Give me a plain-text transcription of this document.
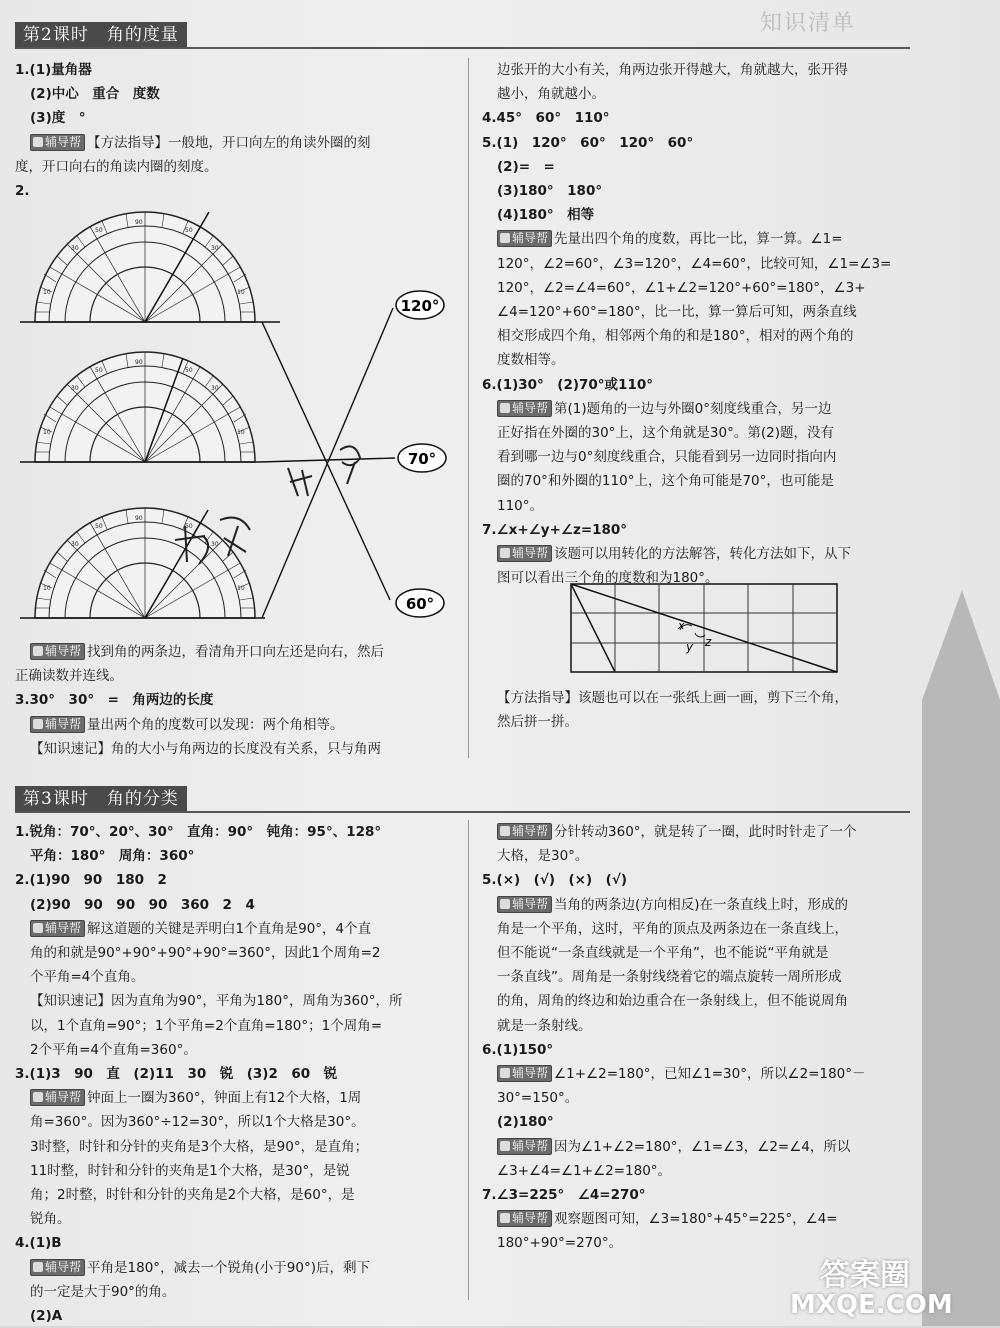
知识清单
第2课时　角的度量
1.(1)量角器
(2)中心　重合　度数
(3)度　°
辅导帮 【方法指导】一般地，开口向左的角读外圈的刻
度，开口向右的角读内圈的刻度。
2.
120°
70°
60°
辅导帮 找到角的两条边，看清角开口向左还是向右，然后
正确读数并连线。
3.30°　30°　=　角两边的长度
辅导帮 量出两个角的度数可以发现：两个角相等。
【知识速记】角的大小与角两边的长度没有关系，只与角两
边张开的大小有关，角两边张开得越大，角就越大，张开得
越小，角就越小。
4.45°　60°　110°
5.(1)　120°　60°　120°　60°
(2)=　=
(3)180°　180°
(4)180°　相等
辅导帮 先量出四个角的度数，再比一比，算一算。∠1=
120°，∠2=60°，∠3=120°，∠4=60°，比较可知，∠1=∠3=
120°，∠2=∠4=60°，∠1+∠2=120°+60°=180°，∠3+
∠4=120°+60°=180°，比一比，算一算后可知，两条直线
相交形成四个角，相邻两个角的和是180°，相对的两个角的
度数相等。
6.(1)30°　(2)70°或110°
辅导帮 第(1)题角的一边与外圈0°刻度线重合，另一边
正好指在外圈的30°上，这个角就是30°。第(2)题，没有
看到哪一边与0°刻度线重合，只能看到另一边同时指向内
圈的70°和外圈的110°上，这个角可能是70°，也可能是
110°。
7.∠x+∠y+∠z=180°
辅导帮 该题可以用转化的方法解答，转化方法如下，从下
图可以看出三个角的度数和为180°。
x
y z
【方法指导】该题也可以在一张纸上画一画，剪下三个角，
然后拼一拼。
第3课时　角的分类
1.锐角：70°、20°、30°　直角：90°　钝角：95°、128°
平角：180°　周角：360°
2.(1)90　90　180　2
(2)90　90　90　90　360　2　4
辅导帮 解这道题的关键是弄明白1个直角是90°，4个直
角的和就是90°+90°+90°+90°=360°，因此1个周角=2
个平角=4个直角。
【知识速记】因为直角为90°，平角为180°，周角为360°，所
以，1个直角=90°；1个平角=2个直角=180°；1个周角=
2个平角=4个直角=360°。
3.(1)3　90　直　(2)11　30　锐　(3)2　60　锐
辅导帮 钟面上一圈为360°，钟面上有12个大格，1周
角=360°。因为360°÷12=30°，所以1个大格是30°。
3时整，时针和分针的夹角是3个大格，是90°，是直角；
11时整，时针和分针的夹角是1个大格，是30°，是锐
角；2时整，时针和分针的夹角是2个大格，是60°，是
锐角。
4.(1)B
辅导帮 平角是180°，减去一个锐角(小于90°)后，剩下
的一定是大于90°的角。
(2)A
辅导帮 分针转动360°，就是转了一圈，此时时针走了一个
大格，是30°。
5.(×)　(√)　(×)　(√)
辅导帮 当角的两条边(方向相反)在一条直线上时，形成的
角是一个平角，这时，平角的顶点及两条边在一条直线上，
但不能说“一条直线就是一个平角”，也不能说“平角就是
一条直线”。周角是一条射线绕着它的端点旋转一周所形成
的角，周角的终边和始边重合在一条射线上，但不能说周角
就是一条射线。
6.(1)150°
辅导帮 ∠1+∠2=180°，已知∠1=30°，所以∠2=180°－
30°=150°。
(2)180°
辅导帮 因为∠1+∠2=180°，∠1=∠3，∠2=∠4，所以
∠3+∠4=∠1+∠2=180°。
7.∠3=225°　∠4=270°
辅导帮 观察题图可知，∠3=180°+45°=225°，∠4=
180°+90°=270°。
答案圈
MXQE.COM
